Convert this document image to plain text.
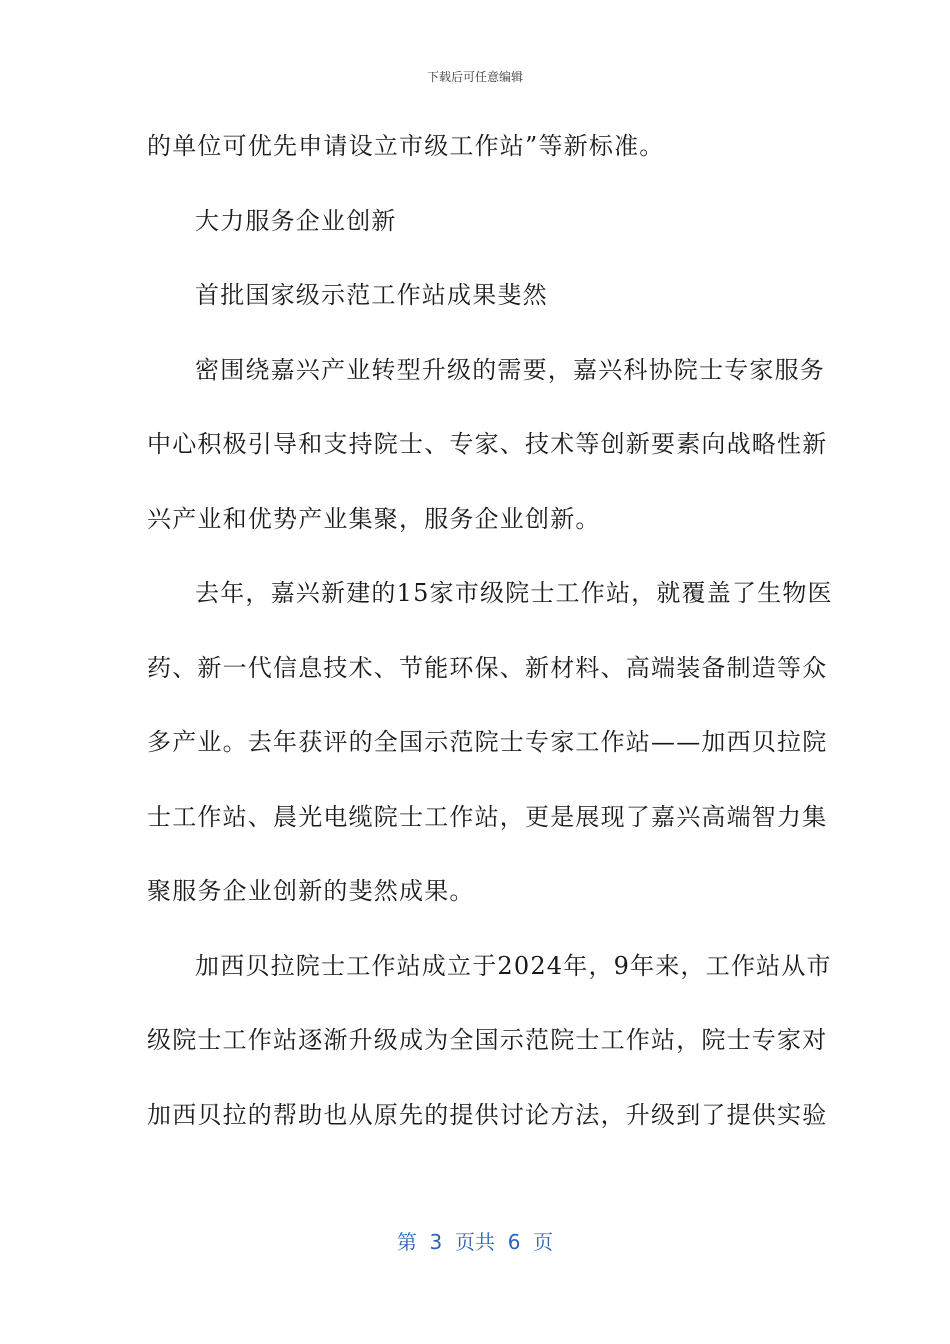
下载后可任意编辑
的单位可优先申请设立市级工作站”等新标准。
大力服务企业创新
首批国家级示范工作站成果斐然
密围绕嘉兴产业转型升级的需要，嘉兴科协院士专家服务
中心积极引导和支持院士、专家、技术等创新要素向战略性新
兴产业和优势产业集聚，服务企业创新。
去年，嘉兴新建的15家市级院士工作站，就覆盖了生物医
药、新一代信息技术、节能环保、新材料、高端装备制造等众
多产业。去年获评的全国示范院士专家工作站——加西贝拉院
士工作站、晨光电缆院士工作站，更是展现了嘉兴高端智力集
聚服务企业创新的斐然成果。
加西贝拉院士工作站成立于2024年，9年来，工作站从市
级院士工作站逐渐升级成为全国示范院士工作站，院士专家对
加西贝拉的帮助也从原先的提供讨论方法，升级到了提供实验
第  3  页共  6  页
